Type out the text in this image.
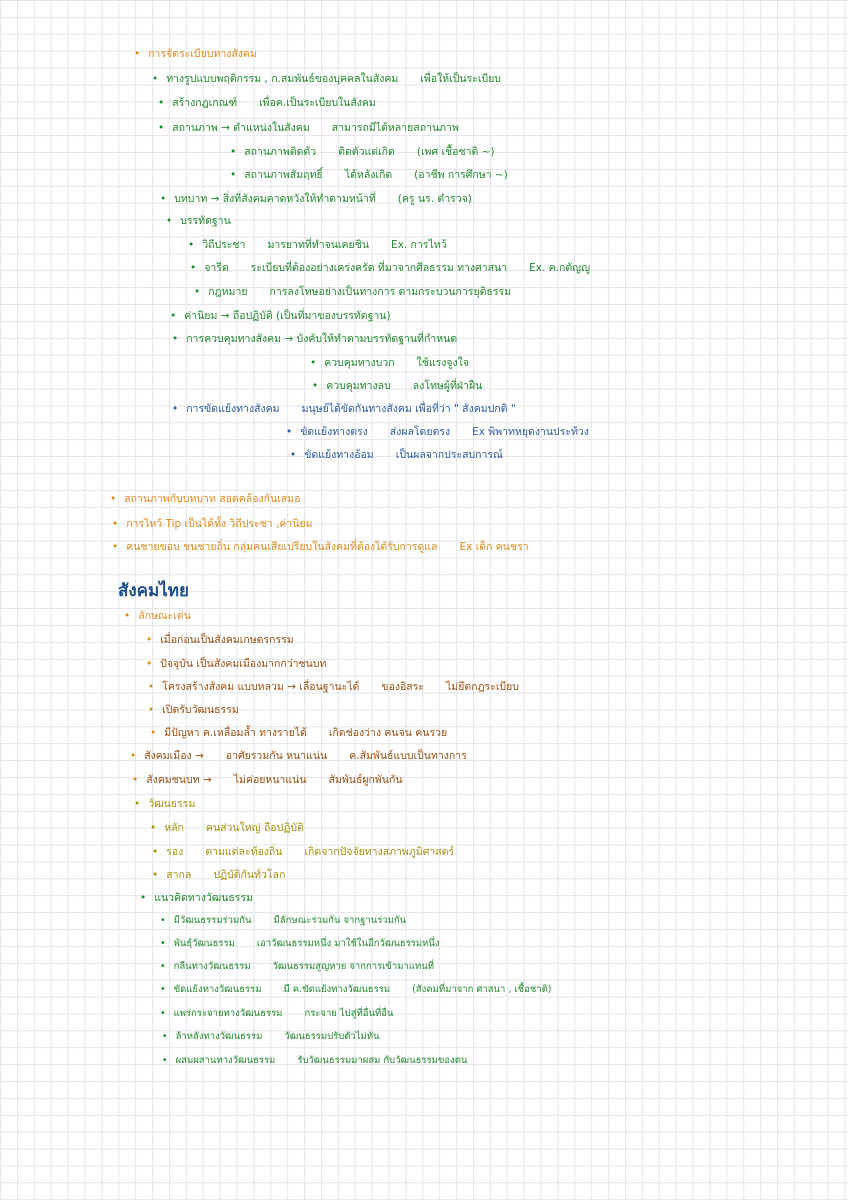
• การจัดระเบียบทางสังคม
• ทางรูปแบบพฤติกรรม , ก.สมพันธ์ของบุคคลในสังคม เพื่อให้เป็นระเบียบ
• สร้างกฎเกณฑ์ เพื่อค.เป็นระเบียบในสังคม
• สถานภาพ → ตำแหน่งในสังคม สามารถมีได้หลายสถานภาพ
• สถานภาพติดตัว ติดตัวแต่เกิด (เพศ เชื้อชาติ ~)
• สถานภาพสัมฤทธิ์ ได้หลังเกิด (อาชีพ การศึกษา ~)
• บทบาท → สิ่งที่สังคมคาดหวังให้ทำตามหน้าที่ (ครู นร. ตำรวจ)
• บรรทัดฐาน
• วิถีประชา มารยาทที่ทำจนเคยชิน Ex. การไหว้
• จารีต ระเบียบที่ต้องอย่างเคร่งครัด ที่มาจากศีลธรรม ทางศาสนา Ex. ค.กตัญญู
• กฎหมาย การลงโทษอย่างเป็นทางการ ตามกระบวนการยุติธรรม
• ค่านิยม → ถือปฏิบัติ (เป็นที่มาของบรรทัดฐาน)
• การควบคุมทางสังคม → บังคับให้ทำตามบรรทัดฐานที่กำหนด
• ควบคุมทางบวก ใช้แรงจูงใจ
• ควบคุมทางลบ ลงโทษผู้ที่ฝ่าฝืน
• การขัดแย้งทางสังคม มนุษย์ได้ขัดกันทางสังคม เพื่อที่ว่า " สังคมปกติ "
• ขัดแย้งทางตรง ส่งผลโดยตรง Ex พิพาทหยุดงานประท้วง
• ขัดแย้งทางอ้อม เป็นผลจากประสบการณ์
• สถานภาพกับบทบาท สอดคล้องกันเสมอ
• การไหว้ Tip เป็นได้ทั้ง วิถีประชา ,ค่านิยม
• คนชายขอบ ชนชายถิ่น กลุ่มคนเสียเปรียบในสังคมที่ต้องได้รับการดูแล Ex เด็ก คนชรา
สังคมไทย
• ลักษณะเด่น
• เมื่อก่อนเป็นสังคมเกษตรกรรม
• ปัจจุบัน เป็นสังคมเมืองมากกว่าชนบท
• โครงสร้างสังคม แบบหลวม → เลื่อนฐานะได้ ของอิสระ ไม่ยึดกฎระเบียบ
• เปิดรับวัฒนธรรม
• มีปัญหา ค.เหลื่อมล้ำ ทางรายได้ เกิดช่องว่าง คนจน คนรวย
• สังคมเมือง → อาศัยรวมกัน หนาแน่น ค.สัมพันธ์แบบเป็นทางการ
• สังคมชนบท → ไม่ค่อยหนาแน่น สัมพันธ์ผูกพันกัน
• วัฒนธรรม
• หลัก คนส่วนใหญ่ ถือปฏิบัติ
• รอง ตามแต่ละท้องถิ่น เกิดจากปัจจัยทางสภาพภูมิศาสตร์
• สากล ปฏิบัติกันทั่วโลก
• แนวคิดทางวัฒนธรรม
• มีวัฒนธรรมร่วมกัน มีลักษณะร่วมกัน จากฐานร่วมกัน
• พันธุ์วัฒนธรรม เอาวัฒนธรรมหนึ่ง มาใช้ในอีกวัฒนธรรมหนึ่ง
• กลืนทางวัฒนธรรม วัฒนธรรมสูญหาย จากการเข้ามาแทนที่
• ขัดแย้งทางวัฒนธรรม มี ค.ขัดแย้งทางวัฒนธรรม (สังคมที่มาจาก ศาสนา , เชื้อชาติ)
• แพร่กระจายทางวัฒนธรรม กระจาย ไปสู่ที่อื่นที่อื่น
• ล้าหลังทางวัฒนธรรม วัฒนธรรมปรับตัวไม่ทัน
• ผสมผสานทางวัฒนธรรม รับวัฒนธรรมมาผสม กับวัฒนธรรมของตน
